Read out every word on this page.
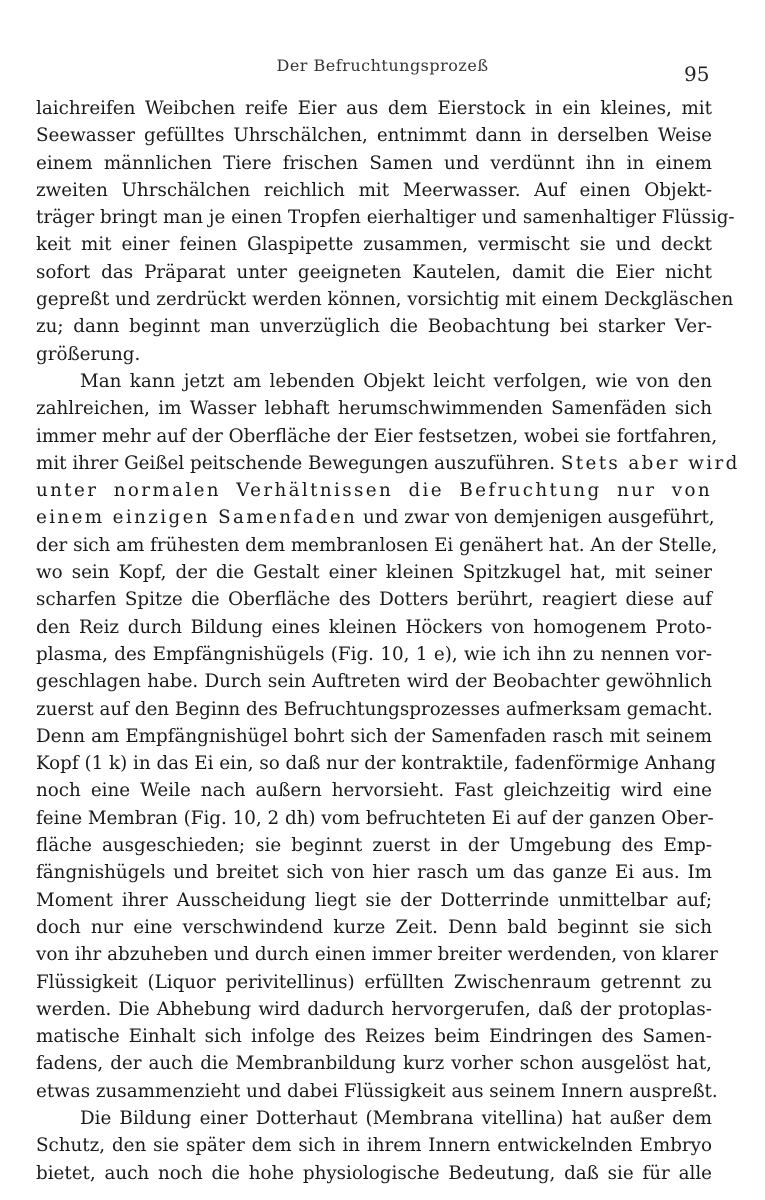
Der Befruchtungsprozeß	95
laichreifen Weibchen reife Eier aus dem Eierstock in ein kleines, mit
Seewasser gefülltes Uhrschälchen, entnimmt dann in derselben Weise
einem männlichen Tiere frischen Samen und verdünnt ihn in einem
zweiten Uhrschälchen reichlich mit Meerwasser. Auf einen Objekt-
träger bringt man je einen Tropfen eierhaltiger und samenhaltiger Flüssig-
keit mit einer feinen Glaspipette zusammen, vermischt sie und deckt
sofort das Präparat unter geeigneten Kautelen, damit die Eier nicht
gepreßt und zerdrückt werden können, vorsichtig mit einem Deckgläschen
zu; dann beginnt man unverzüglich die Beobachtung bei starker Ver-
größerung.
Man kann jetzt am lebenden Objekt leicht verfolgen, wie von den
zahlreichen, im Wasser lebhaft herumschwimmenden Samenfäden sich
immer mehr auf der Oberfläche der Eier festsetzen, wobei sie fortfahren,
mit ihrer Geißel peitschende Bewegungen auszuführen. Stets aber wird
unter normalen Verhältnissen die Befruchtung nur von
einem einzigen Samenfaden und zwar von demjenigen ausgeführt,
der sich am frühesten dem membranlosen Ei genähert hat. An der Stelle,
wo sein Kopf, der die Gestalt einer kleinen Spitzkugel hat, mit seiner
scharfen Spitze die Oberfläche des Dotters berührt, reagiert diese auf
den Reiz durch Bildung eines kleinen Höckers von homogenem Proto-
plasma, des Empfängnishügels (Fig. 10, 1 e), wie ich ihn zu nennen vor-
geschlagen habe. Durch sein Auftreten wird der Beobachter gewöhnlich
zuerst auf den Beginn des Befruchtungsprozesses aufmerksam gemacht.
Denn am Empfängnishügel bohrt sich der Samenfaden rasch mit seinem
Kopf (1 k) in das Ei ein, so daß nur der kontraktile, fadenförmige Anhang
noch eine Weile nach außern hervorsieht. Fast gleichzeitig wird eine
feine Membran (Fig. 10, 2 dh) vom befruchteten Ei auf der ganzen Ober-
fläche ausgeschieden; sie beginnt zuerst in der Umgebung des Emp-
fängnishügels und breitet sich von hier rasch um das ganze Ei aus. Im
Moment ihrer Ausscheidung liegt sie der Dotterrinde unmittelbar auf;
doch nur eine verschwindend kurze Zeit. Denn bald beginnt sie sich
von ihr abzuheben und durch einen immer breiter werdenden, von klarer
Flüssigkeit (Liquor perivitellinus) erfüllten Zwischenraum getrennt zu
werden. Die Abhebung wird dadurch hervorgerufen, daß der protoplas-
matische Einhalt sich infolge des Reizes beim Eindringen des Samen-
fadens, der auch die Membranbildung kurz vorher schon ausgelöst hat,
etwas zusammenzieht und dabei Flüssigkeit aus seinem Innern auspreßt.
Die Bildung einer Dotterhaut (Membrana vitellina) hat außer dem
Schutz, den sie später dem sich in ihrem Innern entwickelnden Embryo
bietet, auch noch die hohe physiologische Bedeutung, daß sie für alle
